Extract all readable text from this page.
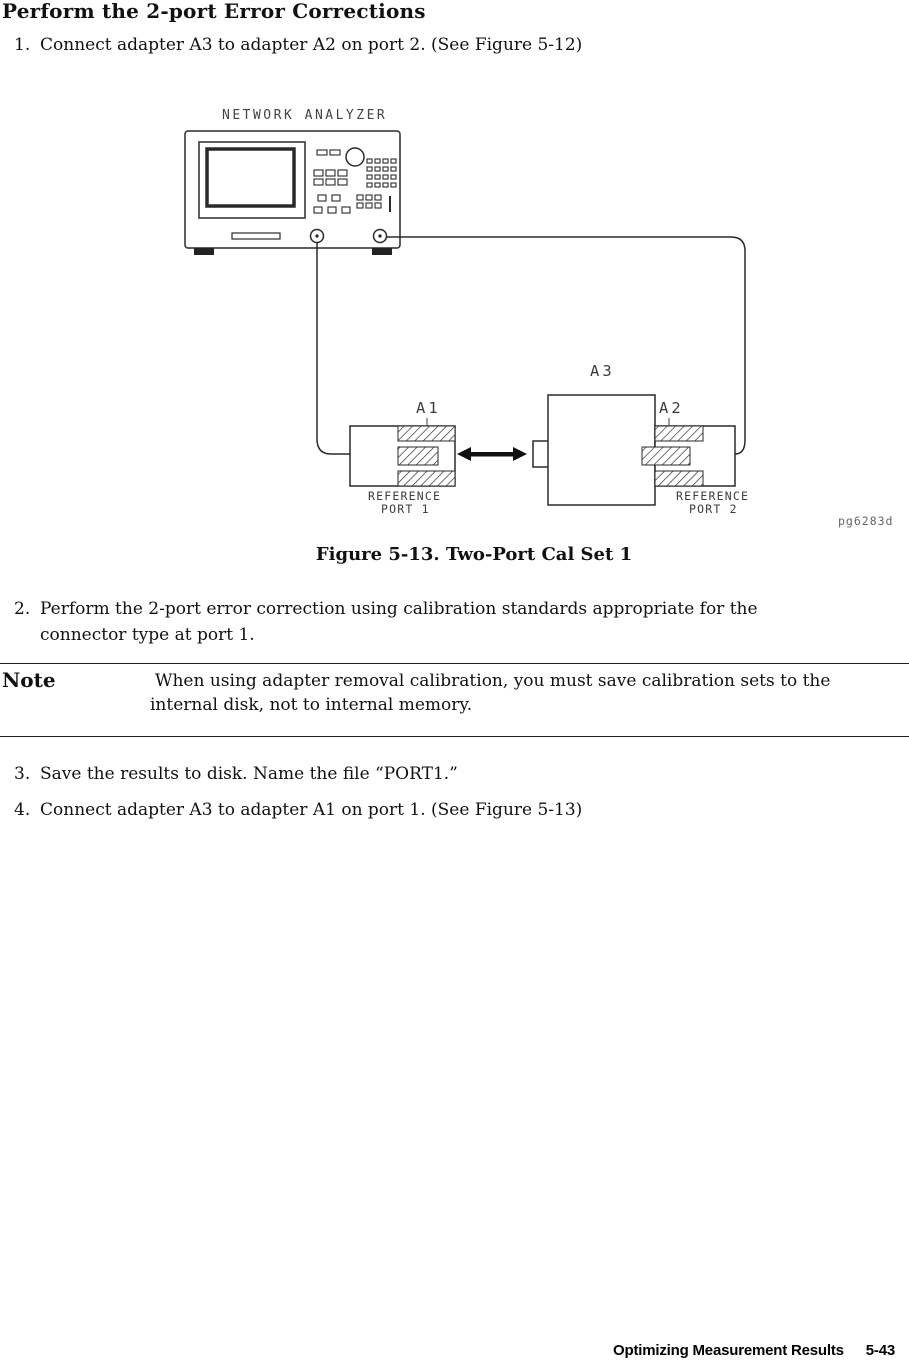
Perform the 2-port Error Corrections
1. Connect adapter A3 to adapter A2 on port 2. (See Figure 5-12)
NETWORK ANALYZER
A1
A3
A2
REFERENCE
PORT 1
REFERENCE
PORT 2
pg6283d
Figure 5-13. Two-Port Cal Set 1
2. Perform the 2-port error correction using calibration standards appropriate for the connector type at port 1.
Note	When using adapter removal calibration, you must save calibration sets to the internal disk, not to internal memory.
3. Save the results to disk. Name the file “PORT1.”
4. Connect adapter A3 to adapter A1 on port 1. (See Figure 5-13)
Optimizing Measurement Results 5-43
